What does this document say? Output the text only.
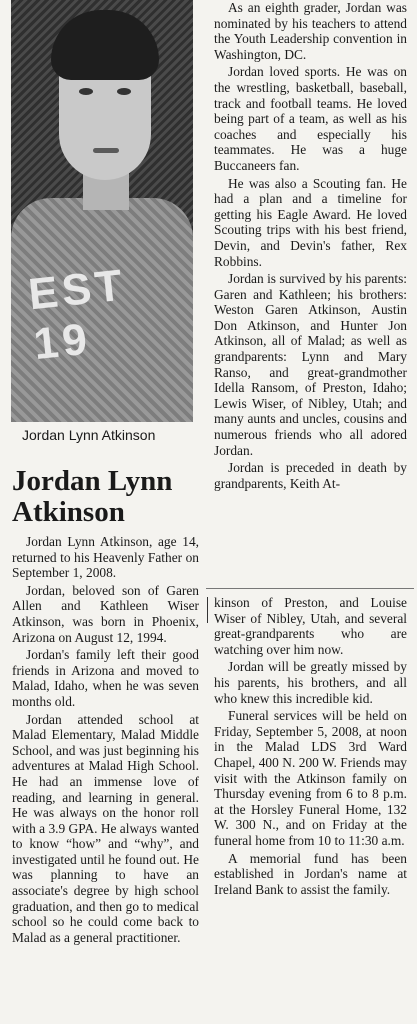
EST 19
Jordan Lynn Atkinson
Jordan Lynn
Atkinson

Jordan Lynn Atkinson, age 14, returned to his Heavenly Father on September 1, 2008.

Jordan, beloved son of Garen Allen and Kathleen Wiser Atkinson, was born in Phoenix, Arizona on August 12, 1994.

Jordan's family left their good friends in Arizona and moved to Malad, Idaho, when he was seven months old.

Jordan attended school at Malad Elementary, Malad Middle School, and was just beginning his adventures at Malad High School. He had an immense love of reading, and learning in general. He was always on the honor roll with a 3.9 GPA. He always wanted to know “how” and “why”, and investigated until he found out. He was planning to have an associate's degree by high school graduation, and then go to medical school so he could come back to Malad as a general practitioner.

As an eighth grader, Jordan was nominated by his teachers to attend the Youth Leadership convention in Washington, DC.

Jordan loved sports. He was on the wrestling, basketball, baseball, track and football teams. He loved being part of a team, as well as his coaches and especially his teammates. He was a huge Buccaneers fan.

He was also a Scouting fan. He had a plan and a timeline for getting his Eagle Award. He loved Scouting trips with his best friend, Devin, and Devin's father, Rex Robbins.

Jordan is survived by his parents: Garen and Kathleen; his brothers: Weston Garen Atkinson, Austin Don Atkinson, and Hunter Jon Atkinson, all of Malad; as well as grandparents: Lynn and Mary Ranso, and great-grandmother Idella Ransom, of Preston, Idaho; Lewis Wiser, of Nibley, Utah; and many aunts and uncles, cousins and numerous friends who all adored Jordan.

Jordan is preceded in death by grandparents, Keith At-

kinson of Preston, and Louise Wiser of Nibley, Utah, and several great-grandparents who are watching over him now.

Jordan will be greatly missed by his parents, his brothers, and all who knew this incredible kid.

Funeral services will be held on Friday, September 5, 2008, at noon in the Malad LDS 3rd Ward Chapel, 400 N. 200 W. Friends may visit with the Atkinson family on Thursday evening from 6 to 8 p.m. at the Horsley Funeral Home, 132 W. 300 N., and on Friday at the funeral home from 10 to 11:30 a.m.

A memorial fund has been established in Jordan's name at Ireland Bank to assist the family.
